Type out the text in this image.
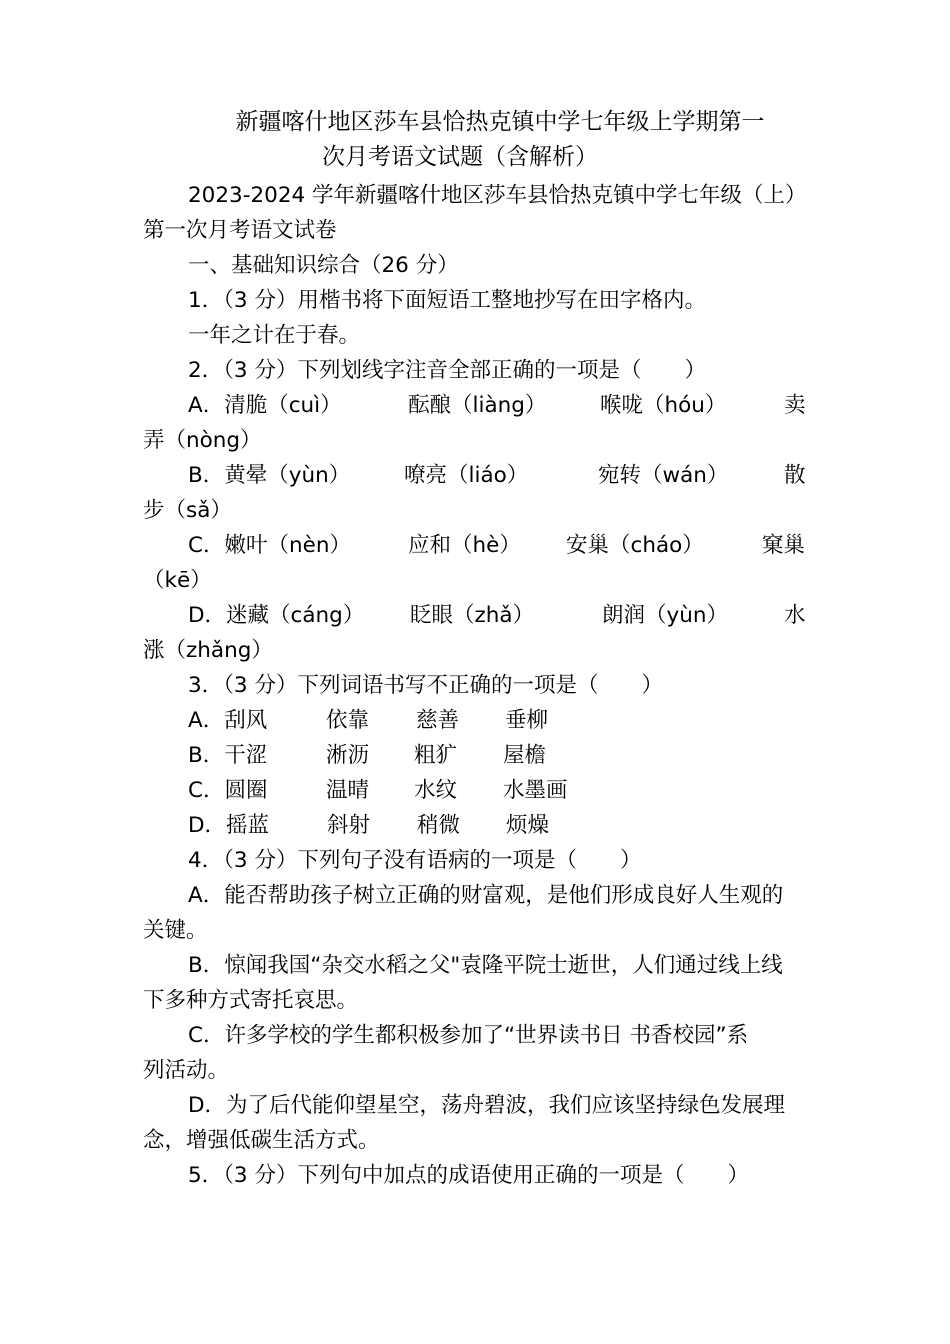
新疆喀什地区莎车县恰热克镇中学七年级上学期第一
次月考语文试题（含解析）
2023-2024 学年新疆喀什地区莎车县恰热克镇中学七年级（上）
第一次月考语文试卷
一、基础知识综合（26 分）
1．（3 分）用楷书将下面短语工整地抄写在田字格内。
一年之计在于春。
2．（3 分）下列划线字注音全部正确的一项是（　　）
A．清脆（cuì）	酝酿（liàng） 喉咙（hóu）	卖
弄（nòng）
B．黄晕（yùn）	嘹亮（liáo）	宛转（wán）	散
步（sǎ）
C．嫩叶（nèn）	应和（hè） 安巢（cháo）	窠巢
（kē）
D．迷藏（cáng） 眨眼（zhǎ）	朗润（yùn）	水
涨（zhǎng）
3．（3 分）下列词语书写不正确的一项是（　　）
A．刮风	依靠 慈善 垂柳
B．干涩	淅沥 粗犷 屋檐
C．圆圈	温晴 水纹 水墨画
D．摇蓝	斜射 稍微 烦燥
4．（3 分）下列句子没有语病的一项是（　　）
A．能否帮助孩子树立正确的财富观，是他们形成良好人生观的
关键。
B．惊闻我国“杂交水稻之父"袁隆平院士逝世，人们通过线上线
下多种方式寄托哀思。
C．许多学校的学生都积极参加了“世界读书日 书香校园”系
列活动。
D．为了后代能仰望星空，荡舟碧波，我们应该坚持绿色发展理
念，增强低碳生活方式。
5．（3 分）下列句中加点的成语使用正确的一项是（　　）
